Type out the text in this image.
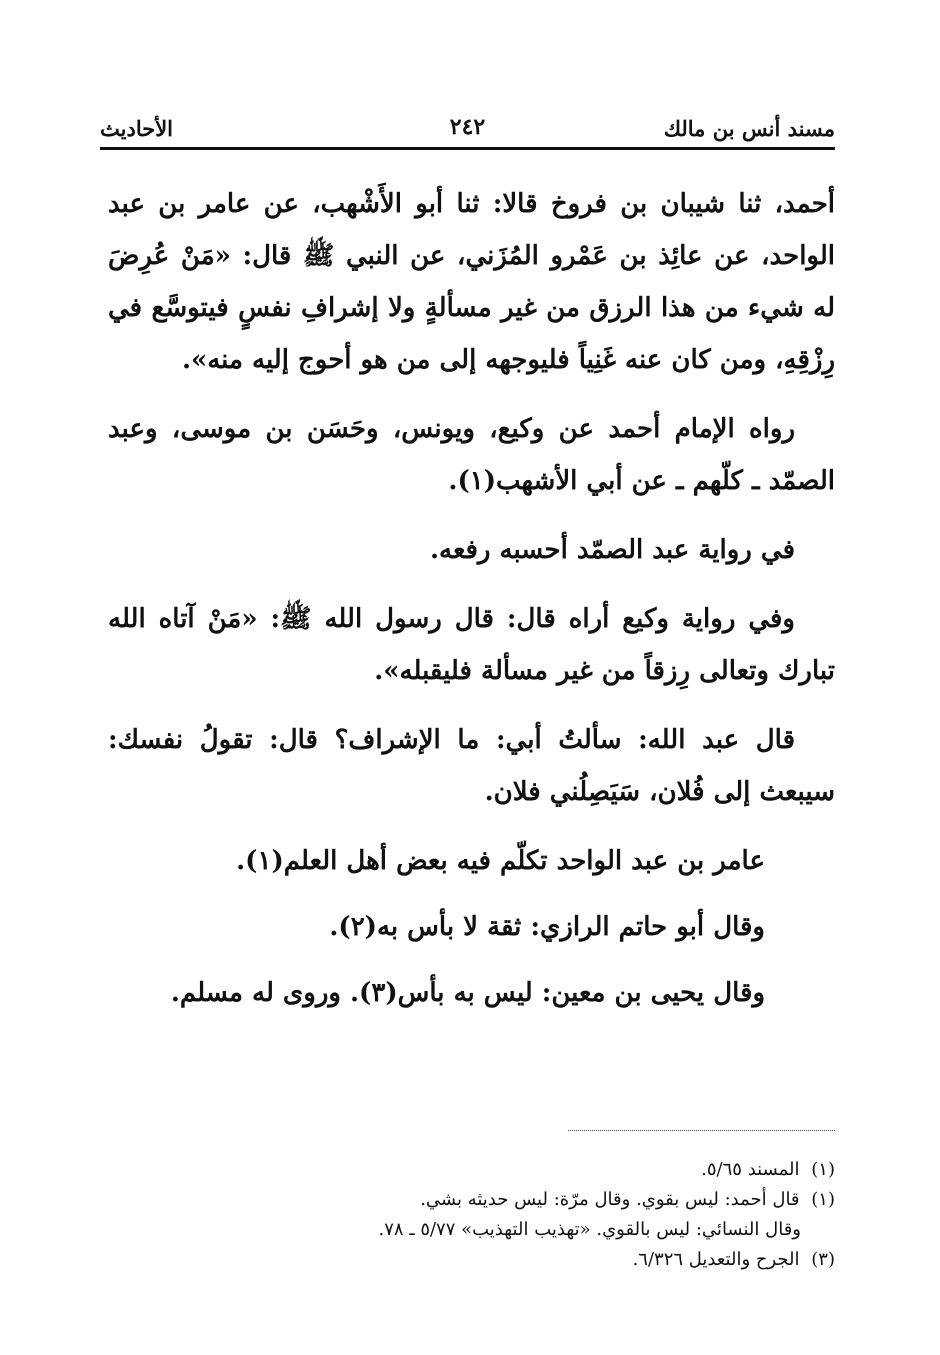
مسند أنس بن مالك
٢٤٢
الأحاديث

أحمد، ثنا شيبان بن فروخ قالا: ثنا أبو الأَشْهب، عن عامر بن عبد الواحد، عن عائِذ بن عَمْرو المُزَني، عن النبي ﷺ قال: «مَنْ عُرِضَ له شيء من هذا الرزق من غير مسألةٍ ولا إشرافِ نفسٍ فيتوسَّع في رِزْقِهِ، ومن كان عنه غَنِياً فليوجهه إلى من هو أحوج إليه منه».

رواه الإمام أحمد عن وكيع، ويونس، وحَسَن بن موسى، وعبد الصمّد ـ كلّهم ـ عن أبي الأشهب(١).

في رواية عبد الصمّد أحسبه رفعه.

وفي رواية وكيع أراه قال: قال رسول الله ﷺ: «مَنْ آتاه الله تبارك وتعالى رِزقاً من غير مسألة فليقبله».

قال عبد الله: سألتُ أبي: ما الإشراف؟ قال: تقولُ نفسك: سيبعث إلى فُلان، سَيَصِلُني فلان.

عامر بن عبد الواحد تكلّم فيه بعض أهل العلم(١).

وقال أبو حاتم الرازي: ثقة لا بأس به(٢).

وقال يحيى بن معين: ليس به بأس(٣). وروى له مسلم.

(١) المسند ٥/٦٥.

(١) قال أحمد: ليس بقوي. وقال مرّة: ليس حديثه بشي.

وقال النسائي: ليس بالقوي. «تهذيب التهذيب» ٥/٧٧ ـ ٧٨.

(٣) الجرح والتعديل ٦/٣٢٦.
